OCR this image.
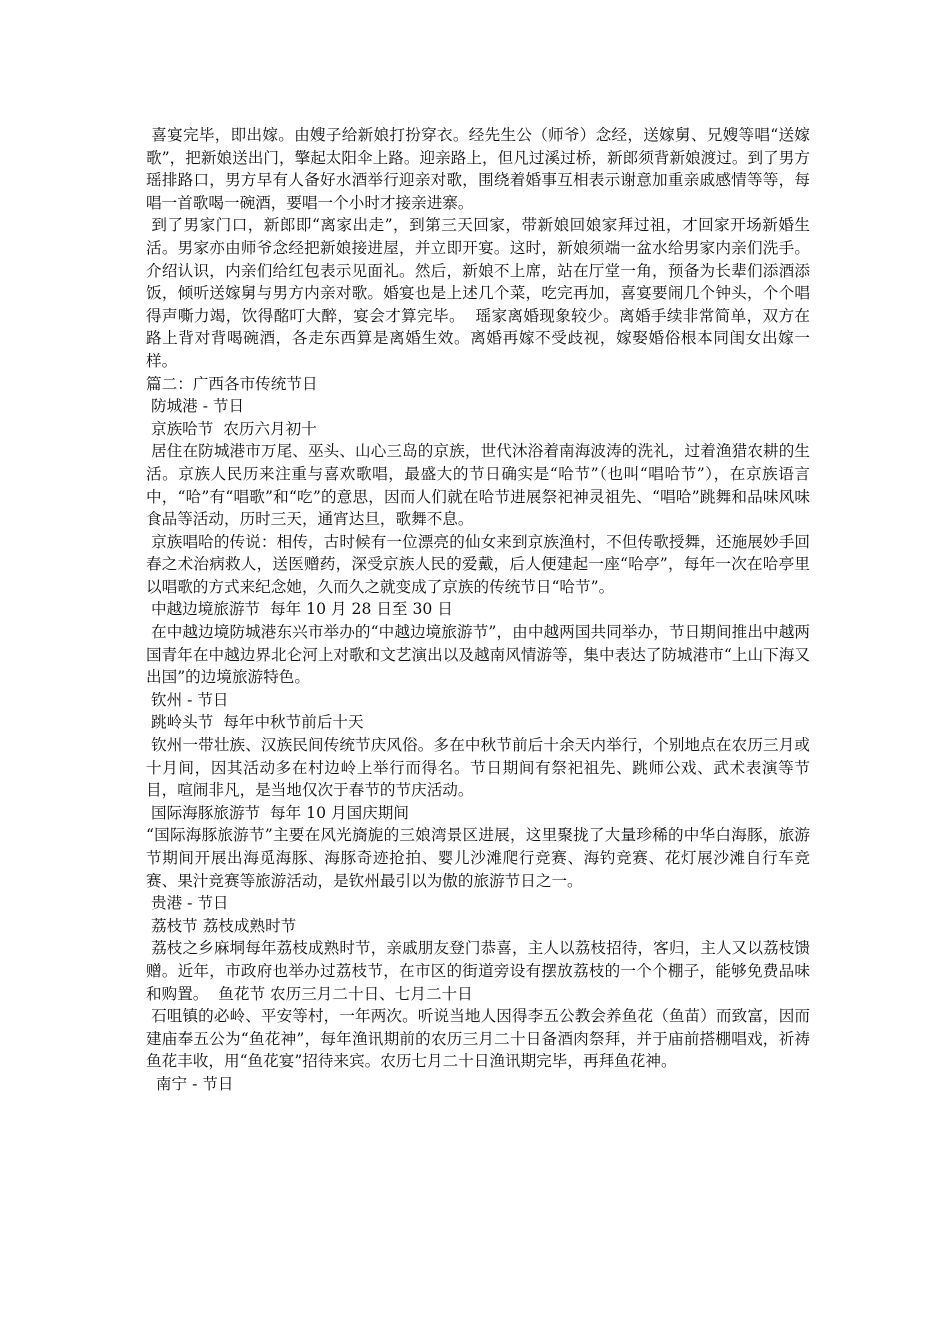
喜宴完毕，即出嫁。由嫂子给新娘打扮穿衣。经先生公（师爷）念经，送嫁舅、兄嫂等唱“送嫁歌”，把新娘送出门，擎起太阳伞上路。迎亲路上，但凡过溪过桥，新郎须背新娘渡过。到了男方瑶排路口，男方早有人备好水酒举行迎亲对歌，围绕着婚事互相表示谢意加重亲戚感情等等，每唱一首歌喝一碗酒，要唱一个小时才接亲进寨。

到了男家门口，新郎即“离家出走”，到第三天回家，带新娘回娘家拜过祖，才回家开场新婚生活。男家亦由师爷念经把新娘接进屋，并立即开宴。这时，新娘须端一盆水给男家内亲们洗手。介绍认识，内亲们给红包表示见面礼。然后，新娘不上席，站在厅堂一角，预备为长辈们添酒添饭，倾听送嫁舅与男方内亲对歌。婚宴也是上述几个菜，吃完再加，喜宴要闹几个钟头，个个唱得声嘶力竭，饮得酩叮大醉，宴会才算完毕。  瑶家离婚现象较少。离婚手续非常简单，双方在路上背对背喝碗酒，各走东西算是离婚生效。离婚再嫁不受歧视，嫁娶婚俗根本同闺女出嫁一样。

篇二：广西各市传统节日

防城港 - 节日

京族哈节  农历六月初十

居住在防城港市万尾、巫头、山心三岛的京族，世代沐浴着南海波涛的洗礼，过着渔猎农耕的生活。京族人民历来注重与喜欢歌唱，最盛大的节日确实是“哈节”（也叫“唱哈节”），在京族语言中，“哈”有“唱歌”和“吃”的意思，因而人们就在哈节进展祭祀神灵祖先、“唱哈”跳舞和品味风味食品等活动，历时三天，通宵达旦，歌舞不息。

京族唱哈的传说：相传，古时候有一位漂亮的仙女来到京族渔村，不但传歌授舞，还施展妙手回春之术治病救人，送医赠药，深受京族人民的爱戴，后人便建起一座“哈亭”，每年一次在哈亭里以唱歌的方式来纪念她，久而久之就变成了京族的传统节日“哈节”。

中越边境旅游节  每年 10 月 28 日至 30 日

在中越边境防城港东兴市举办的“中越边境旅游节”，由中越两国共同举办，节日期间推出中越两国青年在中越边界北仑河上对歌和文艺演出以及越南风情游等，集中表达了防城港市“上山下海又出国”的边境旅游特色。

钦州 - 节日

跳岭头节  每年中秋节前后十天

钦州一带壮族、汉族民间传统节庆风俗。多在中秋节前后十余天内举行，个别地点在农历三月或十月间，因其活动多在村边岭上举行而得名。节日期间有祭祀祖先、跳师公戏、武术表演等节目，喧闹非凡，是当地仅次于春节的节庆活动。

国际海豚旅游节  每年 10 月国庆期间

“国际海豚旅游节”主要在风光旖旎的三娘湾景区进展，这里聚拢了大量珍稀的中华白海豚，旅游节期间开展出海觅海豚、海豚奇迹抢拍、婴儿沙滩爬行竞赛、海钓竞赛、花灯展沙滩自行车竞赛、果汁竞赛等旅游活动，是钦州最引以为傲的旅游节日之一。

贵港 - 节日

荔枝节 荔枝成熟时节

荔枝之乡麻垌每年荔枝成熟时节，亲戚朋友登门恭喜，主人以荔枝招待，客归，主人又以荔枝馈赠。近年，市政府也举办过荔枝节，在市区的街道旁设有摆放荔枝的一个个棚子，能够免费品味和购置。  鱼花节 农历三月二十日、七月二十日

石咀镇的必岭、平安等村，一年两次。听说当地人因得李五公教会养鱼花（鱼苗）而致富，因而建庙奉五公为“鱼花神”，每年渔讯期前的农历三月二十日备酒肉祭拜，并于庙前搭棚唱戏，祈祷鱼花丰收，用“鱼花宴”招待来宾。农历七月二十日渔讯期完毕，再拜鱼花神。

南宁 - 节日
